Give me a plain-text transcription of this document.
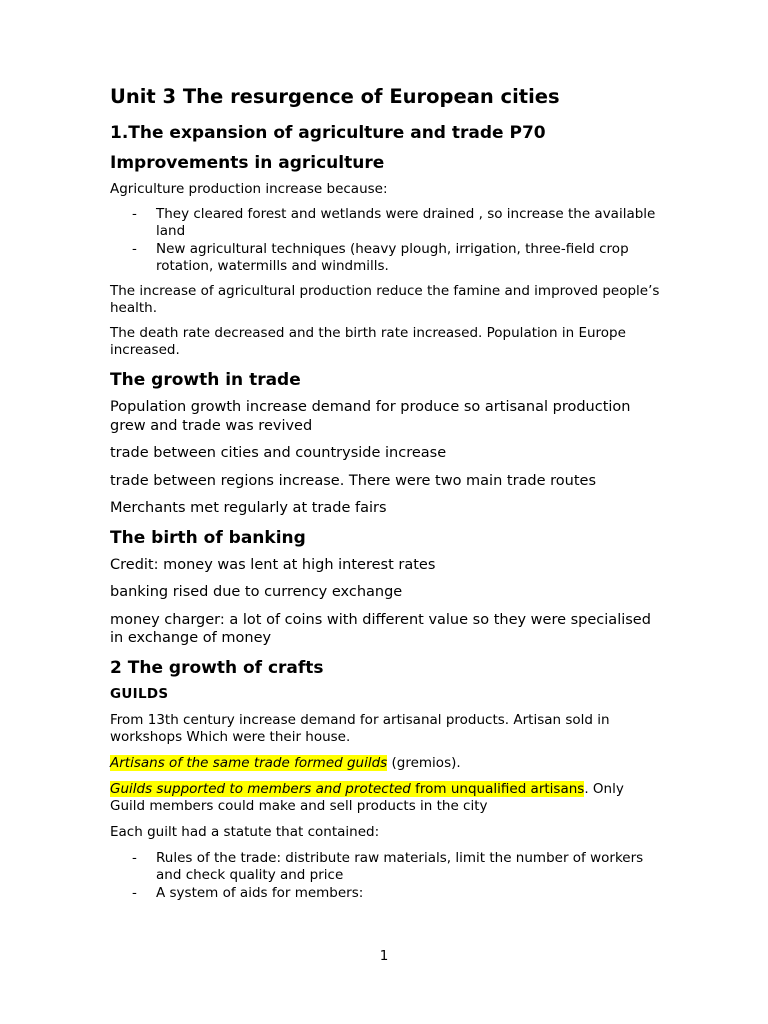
Unit 3 The resurgence of European cities
1.The expansion of agriculture and trade P70
Improvements in agriculture

Agriculture production increase because:

- They cleared forest and wetlands were drained , so increase the available land
- New agricultural techniques (heavy plough, irrigation, three-field crop rotation, watermills and windmills.

The increase of agricultural production reduce the famine and improved people’s health.

The death rate decreased and the birth rate increased. Population in Europe increased.

The growth in trade

Population growth increase demand for produce so artisanal production grew and trade was revived

trade between cities and countryside increase

trade between regions increase. There were two main trade routes

Merchants met regularly at trade fairs

The birth of banking

Credit: money was lent at high interest rates

banking rised due to currency exchange

money charger: a lot of coins with different value so they were specialised in exchange of money

2 The growth of crafts
GUILDS

From 13th century increase demand for artisanal products. Artisan sold in workshops Which were their house.

Artisans of the same trade formed guilds (gremios).

Guilds supported to members and protected from unqualified artisans. Only Guild members could make and sell products in the city

Each guilt had a statute that contained:

- Rules of the trade: distribute raw materials, limit the number of workers and check quality and price
- A system of aids for members:
1
